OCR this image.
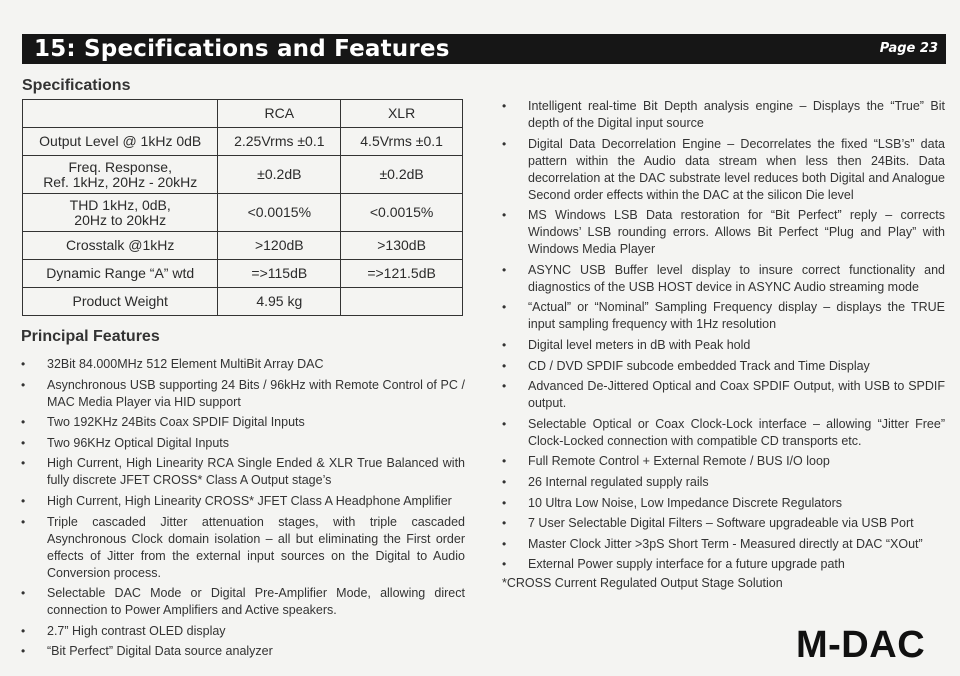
15: Specifications and Features	Page 23
Specifications
	RCA	XLR
Output Level @ 1kHz 0dB	2.25Vrms ±0.1	4.5Vrms ±0.1
Freq. Response,
Ref. 1kHz, 20Hz - 20kHz	±0.2dB	±0.2dB
THD 1kHz, 0dB,
20Hz to 20kHz	<0.0015%	<0.0015%
Crosstalk @1kHz	>120dB	>130dB
Dynamic Range “A” wtd	=>115dB	=>121.5dB
Product Weight	4.95 kg	
Principal Features
• 32Bit 84.000MHz 512 Element MultiBit Array DAC
• Asynchronous USB supporting 24 Bits / 96kHz with Remote Control of PC / MAC Media Player via HID support
• Two 192KHz 24Bits Coax SPDIF Digital Inputs
• Two 96KHz Optical Digital Inputs
• High Current, High Linearity RCA Single Ended & XLR True Balanced with fully discrete JFET CROSS* Class A Output stage’s
• High Current, High Linearity CROSS* JFET Class A Headphone Amplifier
• Triple cascaded Jitter attenuation stages, with triple cascaded Asynchronous Clock domain isolation – all but eliminating the First order effects of Jitter from the external input sources on the Digital to Audio Conversion process.
• Selectable DAC Mode or Digital Pre-Amplifier Mode, allowing direct connection to Power Amplifiers and Active speakers.
• 2.7” High contrast OLED display
• “Bit Perfect” Digital Data source analyzer
• Intelligent real-time Bit Depth analysis engine – Displays the “True” Bit depth of the Digital input source
• Digital Data Decorrelation Engine – Decorrelates the fixed “LSB’s” data pattern within the Audio data stream when less then 24Bits. Data decorrelation at the DAC substrate level reduces both Digital and Analogue Second order effects within the DAC at the silicon Die level
• MS Windows LSB Data restoration for “Bit Perfect” reply – corrects Windows’ LSB rounding errors. Allows Bit Perfect “Plug and Play” with Windows Media Player
• ASYNC USB Buffer level display to insure correct functionality and diagnostics of the USB HOST device in ASYNC Audio streaming mode
• “Actual” or “Nominal” Sampling Frequency display – displays the TRUE input sampling frequency with 1Hz resolution
• Digital level meters in dB with Peak hold
• CD / DVD SPDIF subcode embedded Track and Time Display
• Advanced De-Jittered Optical and Coax SPDIF Output, with USB to SPDIF output.
• Selectable Optical or Coax Clock-Lock interface – allowing “Jitter Free” Clock-Locked connection with compatible CD transports etc.
• Full Remote Control + External Remote / BUS I/O loop
• 26 Internal regulated supply rails
• 10 Ultra Low Noise, Low Impedance Discrete Regulators
• 7 User Selectable Digital Filters – Software upgradeable via USB Port
• Master Clock Jitter >3pS Short Term - Measured directly at DAC “XOut”
• External Power supply interface for a future upgrade path
*CROSS Current Regulated Output Stage Solution
M-DAC
